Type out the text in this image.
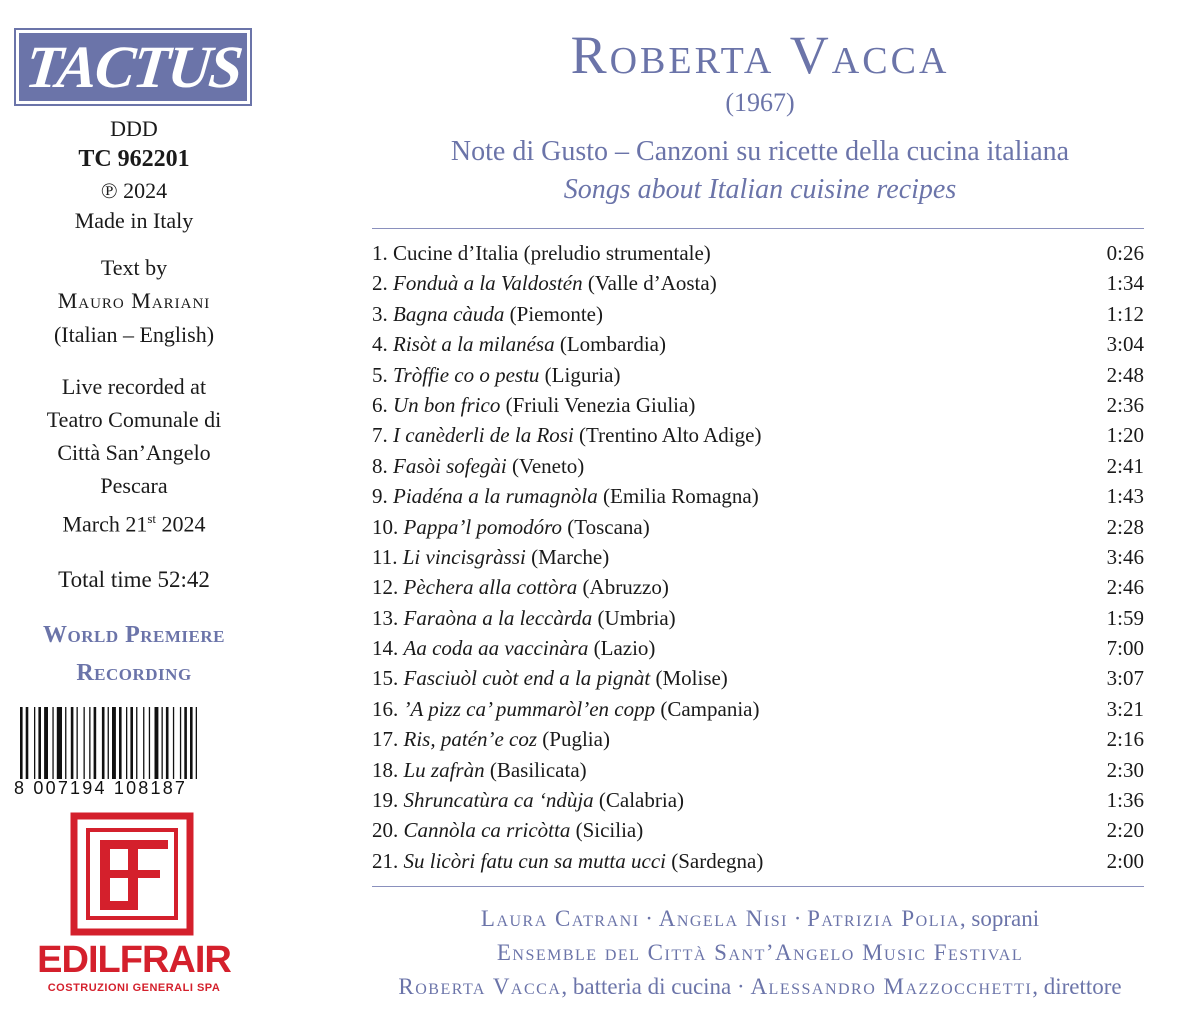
TACTUS
DDD
TC 962201
℗ 2024
Made in Italy
Text by
Mauro Mariani
(Italian – English)
Live recorded at
Teatro Comunale di
Città San’Angelo
Pescara
March 21st 2024
Total time 52:42
World Premiere
Recording
8 007194 108187
EDILFRAIR
COSTRUZIONI GENERALI SPA
Roberta Vacca
(1967)
Note di Gusto – Canzoni su ricette della cucina italiana
Songs about Italian cuisine recipes
1. Cucine d’Italia (preludio strumentale)	0:26
2. Fonduà a la Valdostén (Valle d’Aosta)	1:34
3. Bagna càuda (Piemonte)	1:12
4. Risòt a la milanésa (Lombardia)	3:04
5. Tròffie co o pestu (Liguria)	2:48
6. Un bon frico (Friuli Venezia Giulia)	2:36
7. I canèderli de la Rosi (Trentino Alto Adige)	1:20
8. Fasòi sofegài (Veneto)	2:41
9. Piadéna a la rumagnòla (Emilia Romagna)	1:43
10. Pappa’l pomodóro (Toscana)	2:28
11. Li vincisgràssi (Marche)	3:46
12. Pèchera alla cottòra (Abruzzo)	2:46
13. Faraòna a la leccàrda (Umbria)	1:59
14. Aa coda aa vaccinàra (Lazio)	7:00
15. Fasciuòl cuòt end a la pignàt (Molise)	3:07
16. ’A pizz ca’ pummaròl’en copp (Campania)	3:21
17. Ris, patén’e coz (Puglia)	2:16
18. Lu zafràn (Basilicata)	2:30
19. Shruncatùra ca ‘ndùja (Calabria)	1:36
20. Cannòla ca rricòtta (Sicilia)	2:20
21. Su licòri fatu cun sa mutta ucci (Sardegna)	2:00
Laura Catrani · Angela Nisi · Patrizia Polia, soprani
Ensemble del Città Sant’Angelo Music Festival
Roberta Vacca, batteria di cucina · Alessandro Mazzocchetti, direttore
